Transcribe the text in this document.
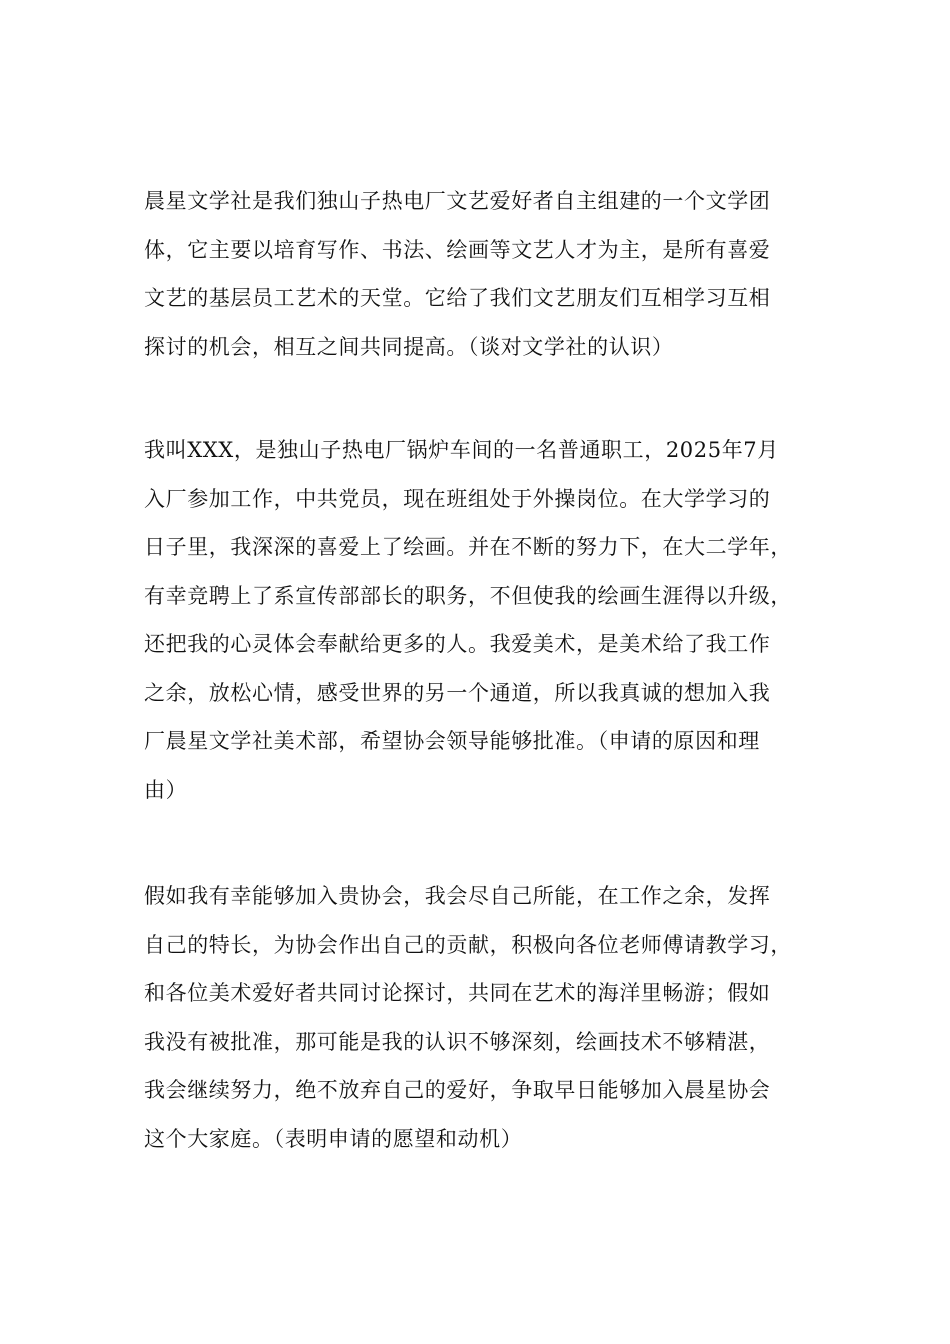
晨星文学社是我们独山子热电厂文艺爱好者自主组建的一个文学团
体，它主要以培育写作、书法、绘画等文艺人才为主，是所有喜爱
文艺的基层员工艺术的天堂。它给了我们文艺朋友们互相学习互相
探讨的机会，相互之间共同提高。（谈对文学社的认识）

我叫XXX，是独山子热电厂锅炉车间的一名普通职工，2025年7月
入厂参加工作，中共党员，现在班组处于外操岗位。在大学学习的
日子里，我深深的喜爱上了绘画。并在不断的努力下，在大二学年，
有幸竞聘上了系宣传部部长的职务，不但使我的绘画生涯得以升级，
还把我的心灵体会奉献给更多的人。我爱美术，是美术给了我工作
之余，放松心情，感受世界的另一个通道，所以我真诚的想加入我
厂晨星文学社美术部，希望协会领导能够批准。（申请的原因和理
由）

假如我有幸能够加入贵协会，我会尽自己所能，在工作之余，发挥
自己的特长，为协会作出自己的贡献，积极向各位老师傅请教学习，
和各位美术爱好者共同讨论探讨，共同在艺术的海洋里畅游；假如
我没有被批准，那可能是我的认识不够深刻，绘画技术不够精湛，
我会继续努力，绝不放弃自己的爱好，争取早日能够加入晨星协会
这个大家庭。（表明申请的愿望和动机）
